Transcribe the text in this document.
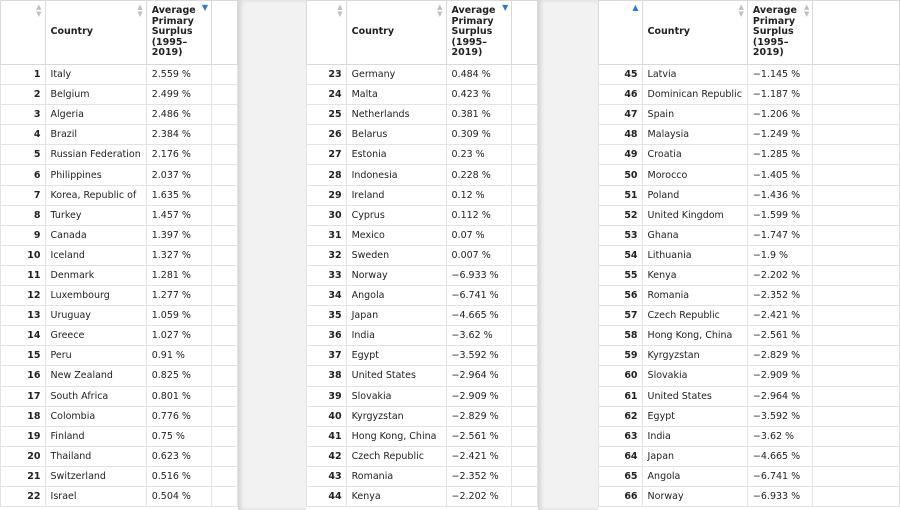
▲
▼	▲
▼
Country	▼
Average Primary Surplus (1995–2019)	
1	Italy	2.559 %	
2	Belgium	2.499 %	
3	Algeria	2.486 %	
4	Brazil	2.384 %	
5	Russian Federation	2.176 %	
6	Philippines	2.037 %	
7	Korea, Republic of	1.635 %	
8	Turkey	1.457 %	
9	Canada	1.397 %	
10	Iceland	1.327 %	
11	Denmark	1.281 %	
12	Luxembourg	1.277 %	
13	Uruguay	1.059 %	
14	Greece	1.027 %	
15	Peru	0.91 %	
16	New Zealand	0.825 %	
17	South Africa	0.801 %	
18	Colombia	0.776 %	
19	Finland	0.75 %	
20	Thailand	0.623 %	
21	Switzerland	0.516 %	
22	Israel	0.504 %	
▲
▼	▲
▼
Country	▼
Average Primary Surplus (1995–2019)	
23	Germany	0.484 %	
24	Malta	0.423 %	
25	Netherlands	0.381 %	
26	Belarus	0.309 %	
27	Estonia	0.23 %	
28	Indonesia	0.228 %	
29	Ireland	0.12 %	
30	Cyprus	0.112 %	
31	Mexico	0.07 %	
32	Sweden	0.007 %	
33	Norway	−6.933 %	
34	Angola	−6.741 %	
35	Japan	−4.665 %	
36	India	−3.62 %	
37	Egypt	−3.592 %	
38	United States	−2.964 %	
39	Slovakia	−2.909 %	
40	Kyrgyzstan	−2.829 %	
41	Hong Kong, China	−2.561 %	
42	Czech Republic	−2.421 %	
43	Romania	−2.352 %	
44	Kenya	−2.202 %	
▲	▲
▼
Country	▲
▼
Average Primary Surplus (1995–2019)	
45	Latvia	−1.145 %	
46	Dominican Republic	−1.187 %	
47	Spain	−1.206 %	
48	Malaysia	−1.249 %	
49	Croatia	−1.285 %	
50	Morocco	−1.405 %	
51	Poland	−1.436 %	
52	United Kingdom	−1.599 %	
53	Ghana	−1.747 %	
54	Lithuania	−1.9 %	
55	Kenya	−2.202 %	
56	Romania	−2.352 %	
57	Czech Republic	−2.421 %	
58	Hong Kong, China	−2.561 %	
59	Kyrgyzstan	−2.829 %	
60	Slovakia	−2.909 %	
61	United States	−2.964 %	
62	Egypt	−3.592 %	
63	India	−3.62 %	
64	Japan	−4.665 %	
65	Angola	−6.741 %	
66	Norway	−6.933 %	
